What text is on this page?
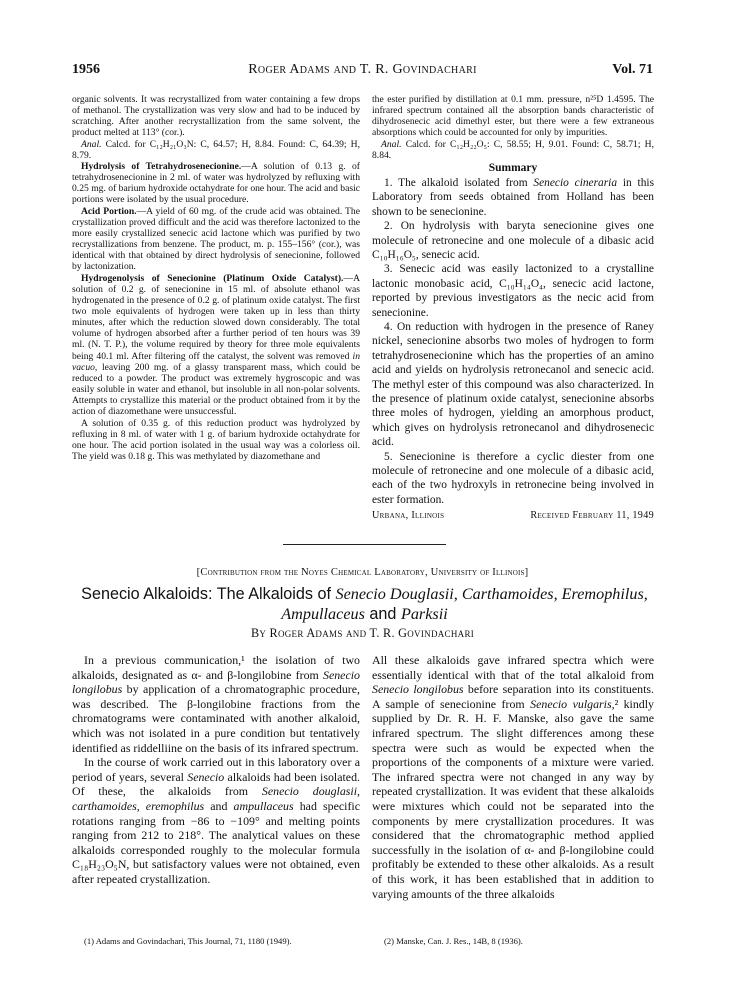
1956	Roger Adams and T. R. Govindachari	Vol. 71

organic solvents. It was recrystallized from water containing a few drops of methanol. The crystallization was very slow and had to be induced by scratching. After another recrystallization from the same solvent, the product melted at 113° (cor.).

Anal. Calcd. for C₁₂H₂₁O₃N: C, 64.57; H, 8.84. Found: C, 64.39; H, 8.79.

Hydrolysis of Tetrahydrosenecionine.—A solution of 0.13 g. of tetrahydrosenecionine in 2 ml. of water was hydrolyzed by refluxing with 0.25 mg. of barium hydroxide octahydrate for one hour. The acid and basic portions were isolated by the usual procedure.

Acid Portion.—A yield of 60 mg. of the crude acid was obtained. The crystallization proved difficult and the acid was therefore lactonized to the more easily crystallized senecic acid lactone which was purified by two recrystallizations from benzene. The product, m. p. 155–156° (cor.), was identical with that obtained by direct hydrolysis of senecionine, followed by lactonization.

Hydrogenolysis of Senecionine (Platinum Oxide Catalyst).—A solution of 0.2 g. of senecionine in 15 ml. of absolute ethanol was hydrogenated in the presence of 0.2 g. of platinum oxide catalyst. The first two mole equivalents of hydrogen were taken up in less than thirty minutes, after which the reduction slowed down considerably. The total volume of hydrogen absorbed after a further period of ten hours was 39 ml. (N. T. P.), the volume required by theory for three mole equivalents being 40.1 ml. After filtering off the catalyst, the solvent was removed in vacuo, leaving 200 mg. of a glassy transparent mass, which could be reduced to a powder. The product was extremely hygroscopic and was easily soluble in water and ethanol, but insoluble in all non-polar solvents. Attempts to crystallize this material or the product obtained from it by the action of diazomethane were unsuccessful.

A solution of 0.35 g. of this reduction product was hydrolyzed by refluxing in 8 ml. of water with 1 g. of barium hydroxide octahydrate for one hour. The acid portion isolated in the usual way was a colorless oil. The yield was 0.18 g. This was methylated by diazomethane and

the ester purified by distillation at 0.1 mm. pressure, n²⁵D 1.4595. The infrared spectrum contained all the absorption bands characteristic of dihydrosenecic acid dimethyl ester, but there were a few extraneous absorptions which could be accounted for only by impurities.

Anal. Calcd. for C₁₂H₂₂O₅: C, 58.55; H, 9.01. Found: C, 58.71; H, 8.84.

Summary

1. The alkaloid isolated from Senecio cineraria in this Laboratory from seeds obtained from Holland has been shown to be senecionine.

2. On hydrolysis with baryta senecionine gives one molecule of retronecine and one molecule of a dibasic acid C₁₀H₁₆O₅, senecic acid.

3. Senecic acid was easily lactonized to a crystalline lactonic monobasic acid, C₁₀H₁₄O₄, senecic acid lactone, reported by previous investigators as the necic acid from senecionine.

4. On reduction with hydrogen in the presence of Raney nickel, senecionine absorbs two moles of hydrogen to form tetrahydrosenecionine which has the properties of an amino acid and yields on hydrolysis retronecanol and senecic acid. The methyl ester of this compound was also characterized. In the presence of platinum oxide catalyst, senecionine absorbs three moles of hydrogen, yielding an amorphous product, which gives on hydrolysis retronecanol and dihydrosenecic acid.

5. Senecionine is therefore a cyclic diester from one molecule of retronecine and one molecule of a dibasic acid, each of the two hydroxyls in retronecine being involved in ester formation.

Urbana, Illinois	Received February 11, 1949

[Contribution from the Noyes Chemical Laboratory, University of Illinois]
Senecio Alkaloids: The Alkaloids of Senecio Douglasii, Carthamoides, Eremophilus,
Ampullaceus and Parksii
By Roger Adams and T. R. Govindachari

In a previous communication,¹ the isolation of two alkaloids, designated as α- and β-longilobine from Senecio longilobus by application of a chromatographic procedure, was described. The β-longilobine fractions from the chromatograms were contaminated with another alkaloid, which was not isolated in a pure condition but tentatively identified as riddelliine on the basis of its infrared spectrum.

In the course of work carried out in this laboratory over a period of years, several Senecio alkaloids had been isolated. Of these, the alkaloids from Senecio douglasii, carthamoides, eremophilus and ampullaceus had specific rotations ranging from −86 to −109° and melting points ranging from 212 to 218°. The analytical values on these alkaloids corresponded roughly to the molecular formula C₁₈H₂₃O₅N, but satisfactory values were not obtained, even after repeated crystallization.

(1) Adams and Govindachari, This Journal, 71, 1180 (1949).

All these alkaloids gave infrared spectra which were essentially identical with that of the total alkaloid from Senecio longilobus before separation into its constituents. A sample of senecionine from Senecio vulgaris,² kindly supplied by Dr. R. H. F. Manske, also gave the same infrared spectrum. The slight differences among these spectra were such as would be expected when the proportions of the components of a mixture were varied. The infrared spectra were not changed in any way by repeated crystallization. It was evident that these alkaloids were mixtures which could not be separated into the components by mere crystallization procedures. It was considered that the chromatographic method applied successfully in the isolation of α- and β-longilobine could profitably be extended to these other alkaloids. As a result of this work, it has been established that in addition to varying amounts of the three alkaloids

(2) Manske, Can. J. Res., 14B, 8 (1936).
